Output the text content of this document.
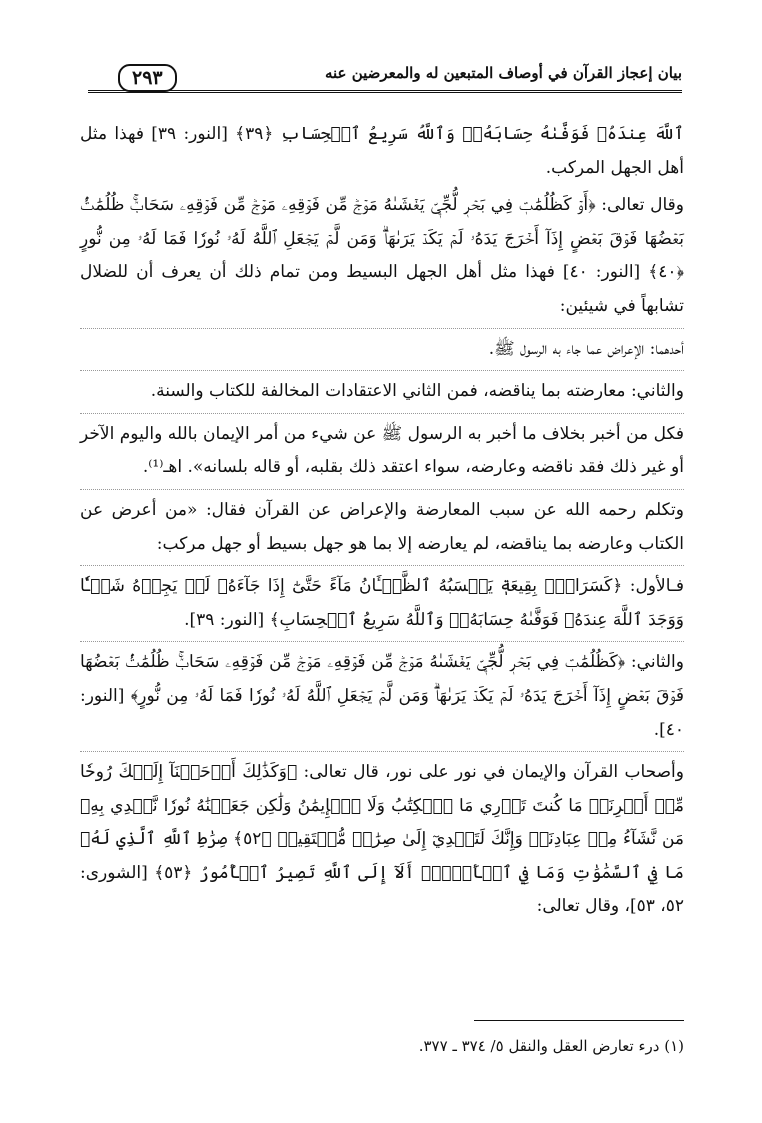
بيان إعجاز القرآن في أوصاف المتبعين له والمعرضين عنه
٢٩٣

ٱللَّهَ عِندَهُۥ فَوَفَّىٰهُ حِسَابَهُۥۗ وَٱللَّهُ سَرِيعُ ٱلۡحِسَابِ ﴿٣٩﴾ [النور: ٣٩] فهذا مثل أهل الجهل المركب.

وقال تعالى: ﴿أَوۡ كَظُلُمَٰتٖ فِي بَحۡرٖ لُّجِّيّٖ يَغۡشَىٰهُ مَوۡجٞ مِّن فَوۡقِهِۦ مَوۡجٞ مِّن فَوۡقِهِۦ سَحَابٞۚ ظُلُمَٰتُۢ بَعۡضُهَا فَوۡقَ بَعۡضٍ إِذَآ أَخۡرَجَ يَدَهُۥ لَمۡ يَكَدۡ يَرَىٰهَاۗ وَمَن لَّمۡ يَجۡعَلِ ٱللَّهُ لَهُۥ نُورٗا فَمَا لَهُۥ مِن نُّورٍ ﴿٤٠﴾ [النور: ٤٠] فهذا مثل أهل الجهل البسيط ومن تمام ذلك أن يعرف أن للضلال تشابهاً في شيئين:

أحدهما: الإعراض عما جاء به الرسول ﷺ.

والثاني: معارضته بما يناقضه، فمن الثاني الاعتقادات المخالفة للكتاب والسنة.

فكل من أخبر بخلاف ما أخبر به الرسول ﷺ عن شيء من أمر الإيمان بالله واليوم الآخر أو غير ذلك فقد ناقضه وعارضه، سواء اعتقد ذلك بقلبه، أو قاله بلسانه». اهـ⁽¹⁾.

وتكلم رحمه الله عن سبب المعارضة والإعراض عن القرآن فقال: «من أعرض عن الكتاب وعارضه بما يناقضه، لم يعارضه إلا بما هو جهل بسيط أو جهل مركب:

فـالأول: ﴿كَسَرَابِۭ بِقِيعَةٖ يَحۡسَبُهُ ٱلظَّمۡـَٔانُ مَآءً حَتَّىٰٓ إِذَا جَآءَهُۥ لَمۡ يَجِدۡهُ شَيۡـٔٗا وَوَجَدَ ٱللَّهَ عِندَهُۥ فَوَفَّىٰهُ حِسَابَهُۥۗ وَٱللَّهُ سَرِيعُ ٱلۡحِسَابِ﴾ [النور: ٣٩].

والثاني: ﴿كَظُلُمَٰتٖ فِي بَحۡرٖ لُّجِّيّٖ يَغۡشَىٰهُ مَوۡجٞ مِّن فَوۡقِهِۦ مَوۡجٞ مِّن فَوۡقِهِۦ سَحَابٞۚ ظُلُمَٰتُۢ بَعۡضُهَا فَوۡقَ بَعۡضٍ إِذَآ أَخۡرَجَ يَدَهُۥ لَمۡ يَكَدۡ يَرَىٰهَاۗ وَمَن لَّمۡ يَجۡعَلِ ٱللَّهُ لَهُۥ نُورٗا فَمَا لَهُۥ مِن نُّورٍ﴾ [النور: ٤٠].

وأصحاب القرآن والإيمان في نور على نور، قال تعالى: ﴿وَكَذَٰلِكَ أَوۡحَيۡنَآ إِلَيۡكَ رُوحٗا مِّنۡ أَمۡرِنَاۚ مَا كُنتَ تَدۡرِي مَا ٱلۡكِتَٰبُ وَلَا ٱلۡإِيمَٰنُ وَلَٰكِن جَعَلۡنَٰهُ نُورٗا نَّهۡدِي بِهِۦ مَن نَّشَآءُ مِنۡ عِبَادِنَاۚ وَإِنَّكَ لَتَهۡدِيٓ إِلَىٰ صِرَٰطٖ مُّسۡتَقِيمٖ ﴿٥٢﴾ صِرَٰطِ ٱللَّهِ ٱلَّذِي لَهُۥ مَا فِي ٱلسَّمَٰوَٰتِ وَمَا فِي ٱلۡأَرۡضِۗ أَلَآ إِلَى ٱللَّهِ تَصِيرُ ٱلۡأُمُورُ ﴿٥٣﴾ [الشورى: ٥٢، ٥٣]، وقال تعالى:

(١) درء تعارض العقل والنقل ٥/ ٣٧٤ ـ ٣٧٧.
